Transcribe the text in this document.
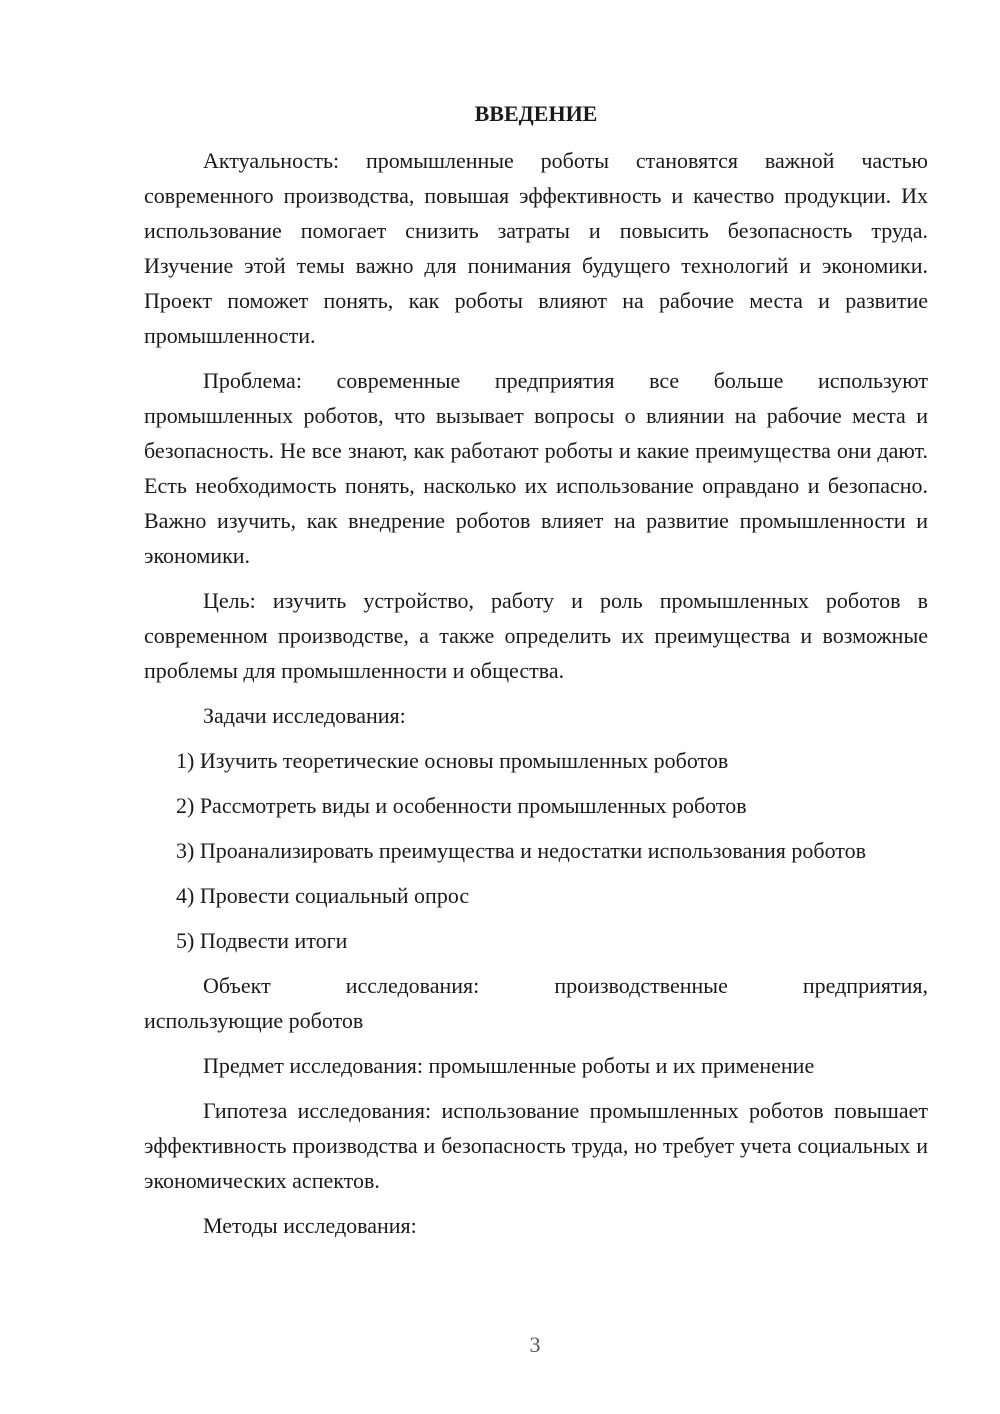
ВВЕДЕНИЕ

Актуальность: промышленные роботы становятся важной частью современного производства, повышая эффективность и качество продукции. Их использование помогает снизить затраты и повысить безопасность труда. Изучение этой темы важно для понимания будущего технологий и экономики. Проект поможет понять, как роботы влияют на рабочие места и развитие промышленности.

Проблема: современные предприятия все больше используют промышленных роботов, что вызывает вопросы о влиянии на рабочие места и безопасность. Не все знают, как работают роботы и какие преимущества они дают. Есть необходимость понять, насколько их использование оправдано и безопасно. Важно изучить, как внедрение роботов влияет на развитие промышленности и экономики.

Цель: изучить устройство, работу и роль промышленных роботов в современном производстве, а также определить их преимущества и возможные проблемы для промышленности и общества.

Задачи исследования:

1) Изучить теоретические основы промышленных роботов

2) Рассмотреть виды и особенности промышленных роботов

3) Проанализировать преимущества и недостатки использования роботов

4) Провести социальный опрос

5) Подвести итоги

Объект	исследования:	производственные	предприятия,
использующие роботов

Предмет исследования: промышленные роботы и их применение

Гипотеза исследования: использование промышленных роботов повышает эффективность производства и безопасность труда, но требует учета социальных и экономических аспектов.

Методы исследования:

3
